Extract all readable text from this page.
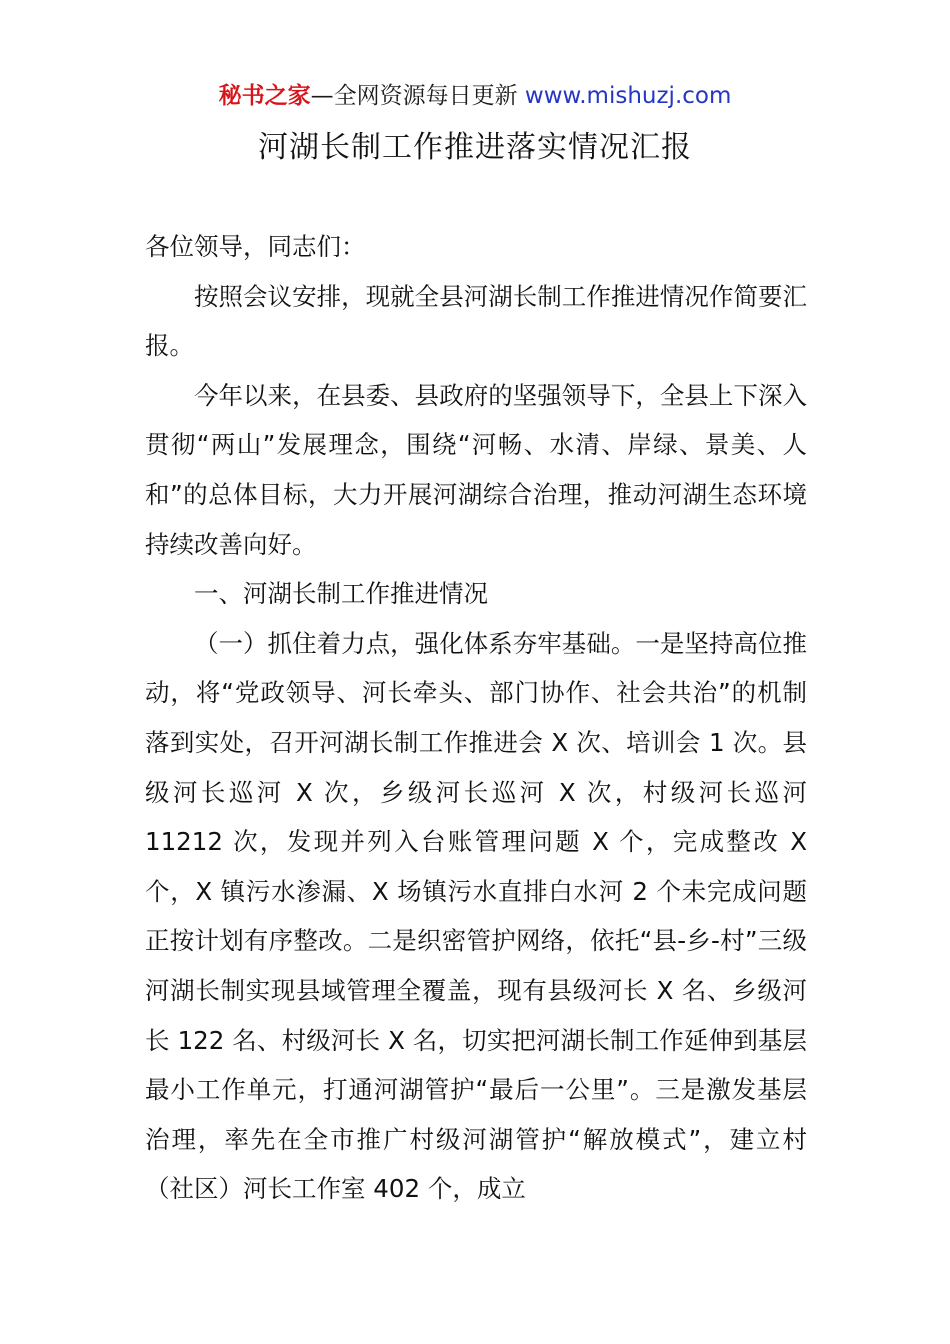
秘书之家—全网资源每日更新 www.mishuzj.com
河湖长制工作推进落实情况汇报

各位领导，同志们：

按照会议安排，现就全县河湖长制工作推进情况作简要汇报。

今年以来，在县委、县政府的坚强领导下，全县上下深入贯彻“两山”发展理念，围绕“河畅、水清、岸绿、景美、人和”的总体目标，大力开展河湖综合治理，推动河湖生态环境持续改善向好。

一、河湖长制工作推进情况

（一）抓住着力点，强化体系夯牢基础。一是坚持高位推动，将“党政领导、河长牵头、部门协作、社会共治”的机制落到实处，召开河湖长制工作推进会 X 次、培训会 1 次。县级河长巡河 X 次，乡级河长巡河 X 次，村级河长巡河 11212 次，发现并列入台账管理问题 X 个，完成整改 X 个，X 镇污水渗漏、X 场镇污水直排白水河 2 个未完成问题正按计划有序整改。二是织密管护网络，依托“县-乡-村”三级河湖长制实现县域管理全覆盖，现有县级河长 X 名、乡级河长 122 名、村级河长 X 名，切实把河湖长制工作延伸到基层最小工作单元，打通河湖管护“最后一公里”。三是激发基层治理，率先在全市推广村级河湖管护“解放模式”，建立村（社区）河长工作室 402 个，成立
